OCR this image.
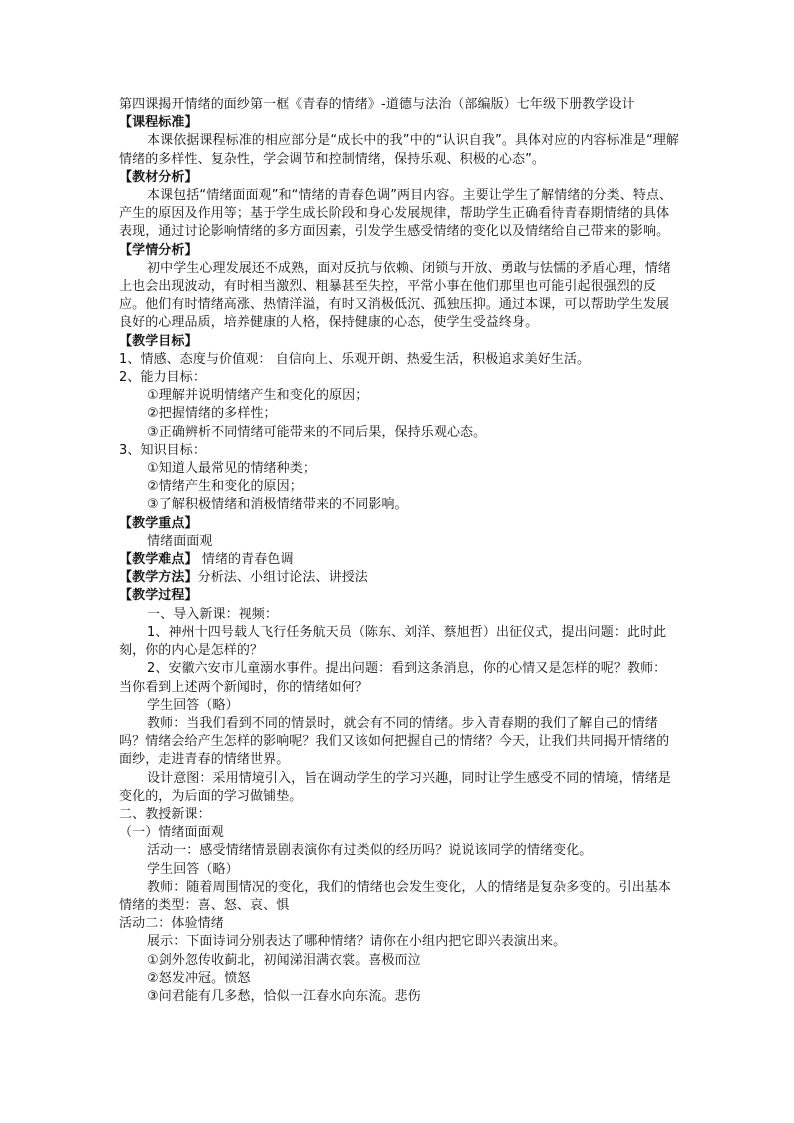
第四课揭开情绪的面纱第一框《青春的情绪》-道德与法治（部编版）七年级下册教学设计
【课程标准】
本课依据课程标准的相应部分是“成长中的我”中的“认识自我”。具体对应的内容标准是“理解情绪的多样性、复杂性，学会调节和控制情绪，保持乐观、积极的心态”。
【教材分析】
本课包括“情绪面面观”和“情绪的青春色调”两目内容。主要让学生了解情绪的分类、特点、产生的原因及作用等；基于学生成长阶段和身心发展规律，帮助学生正确看待青春期情绪的具体表现，通过讨论影响情绪的多方面因素，引发学生感受情绪的变化以及情绪给自己带来的影响。
【学情分析】
初中学生心理发展还不成熟，面对反抗与依赖、闭锁与开放、勇敢与怯懦的矛盾心理，情绪上也会出现波动，有时相当激烈、粗暴甚至失控，平常小事在他们那里也可能引起很强烈的反应。他们有时情绪高涨、热情洋溢，有时又消极低沉、孤独压抑。通过本课，可以帮助学生发展良好的心理品质，培养健康的人格，保持健康的心态，使学生受益终身。
【教学目标】
1、情感、态度与价值观： 自信向上、乐观开朗、热爱生活，积极追求美好生活。
2、能力目标：
①理解并说明情绪产生和变化的原因；
②把握情绪的多样性；
③正确辨析不同情绪可能带来的不同后果，保持乐观心态。
3、知识目标：
①知道人最常见的情绪种类；
②情绪产生和变化的原因；
③了解积极情绪和消极情绪带来的不同影响。
【教学重点】
情绪面面观
【教学难点】 情绪的青春色调
【教学方法】分析法、小组讨论法、讲授法
【教学过程】
一、导入新课：视频：
1、神州十四号载人飞行任务航天员（陈东、刘洋、蔡旭哲）出征仪式，提出问题：此时此刻，你的内心是怎样的？
2、安徽六安市儿童溺水事件。提出问题：看到这条消息，你的心情又是怎样的呢？教师：当你看到上述两个新闻时，你的情绪如何？
学生回答（略）
教师：当我们看到不同的情景时，就会有不同的情绪。步入青春期的我们了解自己的情绪吗？情绪会给产生怎样的影响呢？我们又该如何把握自己的情绪？今天，让我们共同揭开情绪的面纱，走进青春的情绪世界。
设计意图：采用情境引入，旨在调动学生的学习兴趣，同时让学生感受不同的情境，情绪是变化的，为后面的学习做铺垫。
二、教授新课：
（一）情绪面面观
活动一：感受情绪情景剧表演你有过类似的经历吗？说说该同学的情绪变化。
学生回答（略）
教师：随着周围情况的变化，我们的情绪也会发生变化，人的情绪是复杂多变的。引出基本情绪的类型：喜、怒、哀、惧
活动二：体验情绪
展示：下面诗词分别表达了哪种情绪？请你在小组内把它即兴表演出来。
①剑外忽传收蓟北，初闻涕泪满衣裳。喜极而泣
②怒发冲冠。愤怒
③问君能有几多愁，恰似一江春水向东流。悲伤
